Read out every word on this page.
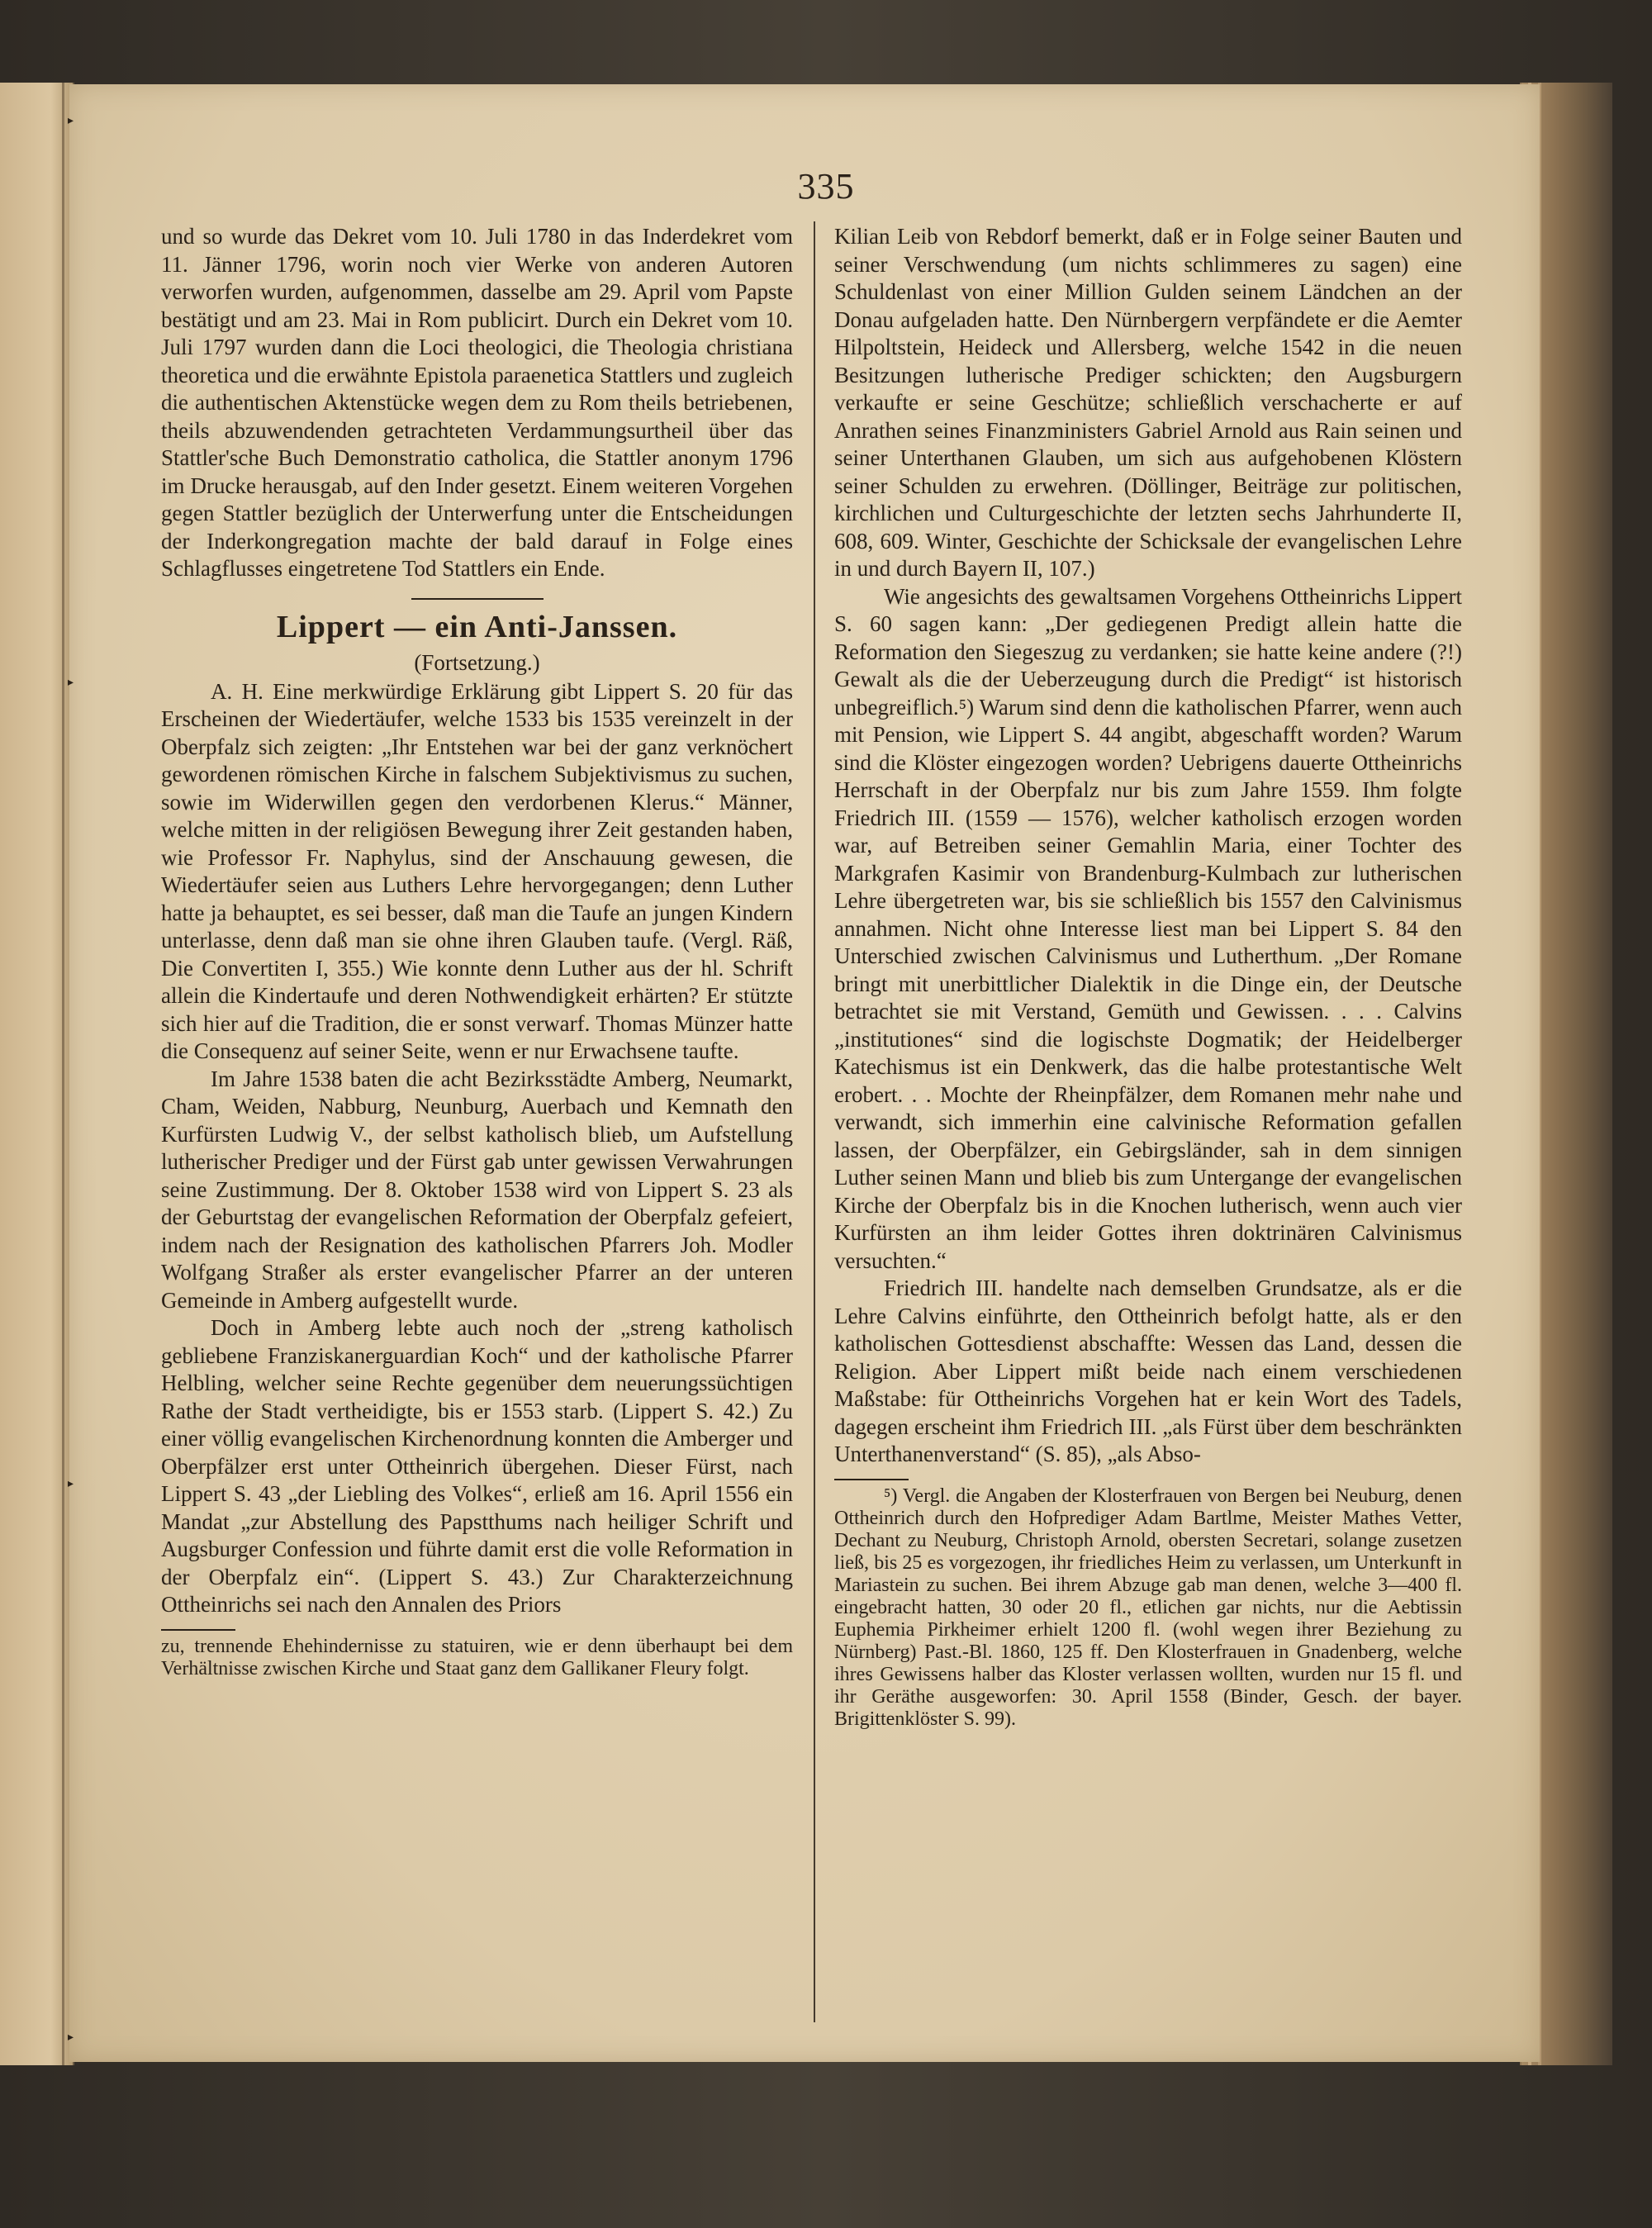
▸
▸
▸
▸
335

und so wurde das Dekret vom 10. Juli 1780 in das Inderdekret vom 11. Jänner 1796, worin noch vier Werke von anderen Autoren verworfen wurden, aufgenommen, dasselbe am 29. April vom Papste bestätigt und am 23. Mai in Rom publicirt. Durch ein Dekret vom 10. Juli 1797 wurden dann die Loci theologici, die Theologia christiana theoretica und die erwähnte Epistola paraenetica Stattlers und zugleich die authentischen Aktenstücke wegen dem zu Rom theils betriebenen, theils abzuwendenden getrachteten Verdammungsurtheil über das Stattler'sche Buch Demonstratio catholica, die Stattler anonym 1796 im Drucke herausgab, auf den Inder gesetzt. Einem weiteren Vorgehen gegen Stattler bezüglich der Unterwerfung unter die Entscheidungen der Inderkongregation machte der bald darauf in Folge eines Schlagflusses eingetretene Tod Stattlers ein Ende.

Lippert — ein Anti-Janssen.
(Fortsetzung.)

A. H. Eine merkwürdige Erklärung gibt Lippert S. 20 für das Erscheinen der Wiedertäufer, welche 1533 bis 1535 vereinzelt in der Oberpfalz sich zeigten: „Ihr Entstehen war bei der ganz verknöchert gewordenen römischen Kirche in falschem Subjektivismus zu suchen, sowie im Widerwillen gegen den verdorbenen Klerus.“ Männer, welche mitten in der religiösen Bewegung ihrer Zeit gestanden haben, wie Professor Fr. Naphylus, sind der Anschauung gewesen, die Wiedertäufer seien aus Luthers Lehre hervorgegangen; denn Luther hatte ja behauptet, es sei besser, daß man die Taufe an jungen Kindern unterlasse, denn daß man sie ohne ihren Glauben taufe. (Vergl. Räß, Die Convertiten I, 355.) Wie konnte denn Luther aus der hl. Schrift allein die Kindertaufe und deren Nothwendigkeit erhärten? Er stützte sich hier auf die Tradition, die er sonst verwarf. Thomas Münzer hatte die Consequenz auf seiner Seite, wenn er nur Erwachsene taufte.

Im Jahre 1538 baten die acht Bezirksstädte Amberg, Neumarkt, Cham, Weiden, Nabburg, Neunburg, Auerbach und Kemnath den Kurfürsten Ludwig V., der selbst katholisch blieb, um Aufstellung lutherischer Prediger und der Fürst gab unter gewissen Verwahrungen seine Zustimmung. Der 8. Oktober 1538 wird von Lippert S. 23 als der Geburtstag der evangelischen Reformation der Oberpfalz gefeiert, indem nach der Resignation des katholischen Pfarrers Joh. Modler Wolfgang Straßer als erster evangelischer Pfarrer an der unteren Gemeinde in Amberg aufgestellt wurde.

Doch in Amberg lebte auch noch der „streng katholisch gebliebene Franziskanerguardian Koch“ und der katholische Pfarrer Helbling, welcher seine Rechte gegenüber dem neuerungssüchtigen Rathe der Stadt vertheidigte, bis er 1553 starb. (Lippert S. 42.) Zu einer völlig evangelischen Kirchenordnung konnten die Amberger und Oberpfälzer erst unter Ottheinrich übergehen. Dieser Fürst, nach Lippert S. 43 „der Liebling des Volkes“, erließ am 16. April 1556 ein Mandat „zur Abstellung des Papstthums nach heiliger Schrift und Augsburger Confession und führte damit erst die volle Reformation in der Oberpfalz ein“. (Lippert S. 43.) Zur Charakterzeichnung Ottheinrichs sei nach den Annalen des Priors

zu, trennende Ehehindernisse zu statuiren, wie er denn überhaupt bei dem Verhältnisse zwischen Kirche und Staat ganz dem Gallikaner Fleury folgt.

Kilian Leib von Rebdorf bemerkt, daß er in Folge seiner Bauten und seiner Verschwendung (um nichts schlimmeres zu sagen) eine Schuldenlast von einer Million Gulden seinem Ländchen an der Donau aufgeladen hatte. Den Nürnbergern verpfändete er die Aemter Hilpoltstein, Heideck und Allersberg, welche 1542 in die neuen Besitzungen lutherische Prediger schickten; den Augsburgern verkaufte er seine Geschütze; schließlich verschacherte er auf Anrathen seines Finanzministers Gabriel Arnold aus Rain seinen und seiner Unterthanen Glauben, um sich aus aufgehobenen Klöstern seiner Schulden zu erwehren. (Döllinger, Beiträge zur politischen, kirchlichen und Culturgeschichte der letzten sechs Jahrhunderte II, 608, 609. Winter, Geschichte der Schicksale der evangelischen Lehre in und durch Bayern II, 107.)

Wie angesichts des gewaltsamen Vorgehens Ottheinrichs Lippert S. 60 sagen kann: „Der gediegenen Predigt allein hatte die Reformation den Siegeszug zu verdanken; sie hatte keine andere (?!) Gewalt als die der Ueberzeugung durch die Predigt“ ist historisch unbegreiflich.⁵) Warum sind denn die katholischen Pfarrer, wenn auch mit Pension, wie Lippert S. 44 angibt, abgeschafft worden? Warum sind die Klöster eingezogen worden? Uebrigens dauerte Ottheinrichs Herrschaft in der Oberpfalz nur bis zum Jahre 1559. Ihm folgte Friedrich III. (1559 — 1576), welcher katholisch erzogen worden war, auf Betreiben seiner Gemahlin Maria, einer Tochter des Markgrafen Kasimir von Brandenburg-Kulmbach zur lutherischen Lehre übergetreten war, bis sie schließlich bis 1557 den Calvinismus annahmen. Nicht ohne Interesse liest man bei Lippert S. 84 den Unterschied zwischen Calvinismus und Lutherthum. „Der Romane bringt mit unerbittlicher Dialektik in die Dinge ein, der Deutsche betrachtet sie mit Verstand, Gemüth und Gewissen. . . . Calvins „institutiones“ sind die logischste Dogmatik; der Heidelberger Katechismus ist ein Denkwerk, das die halbe protestantische Welt erobert. . . Mochte der Rheinpfälzer, dem Romanen mehr nahe und verwandt, sich immerhin eine calvinische Reformation gefallen lassen, der Oberpfälzer, ein Gebirgsländer, sah in dem sinnigen Luther seinen Mann und blieb bis zum Untergange der evangelischen Kirche der Oberpfalz bis in die Knochen lutherisch, wenn auch vier Kurfürsten an ihm leider Gottes ihren doktrinären Calvinismus versuchten.“

Friedrich III. handelte nach demselben Grundsatze, als er die Lehre Calvins einführte, den Ottheinrich befolgt hatte, als er den katholischen Gottesdienst abschaffte: Wessen das Land, dessen die Religion. Aber Lippert mißt beide nach einem verschiedenen Maßstabe: für Ottheinrichs Vorgehen hat er kein Wort des Tadels, dagegen erscheint ihm Friedrich III. „als Fürst über dem beschränkten Unterthanenverstand“ (S. 85), „als Abso-

⁵) Vergl. die Angaben der Klosterfrauen von Bergen bei Neuburg, denen Ottheinrich durch den Hofprediger Adam Bartlme, Meister Mathes Vetter, Dechant zu Neuburg, Christoph Arnold, obersten Secretari, solange zusetzen ließ, bis 25 es vorgezogen, ihr friedliches Heim zu verlassen, um Unterkunft in Mariastein zu suchen. Bei ihrem Abzuge gab man denen, welche 3—400 fl. eingebracht hatten, 30 oder 20 fl., etlichen gar nichts, nur die Aebtissin Euphemia Pirkheimer erhielt 1200 fl. (wohl wegen ihrer Beziehung zu Nürnberg) Past.-Bl. 1860, 125 ff. Den Klosterfrauen in Gnadenberg, welche ihres Gewissens halber das Kloster verlassen wollten, wurden nur 15 fl. und ihr Geräthe ausgeworfen: 30. April 1558 (Binder, Gesch. der bayer. Brigittenklöster S. 99).
